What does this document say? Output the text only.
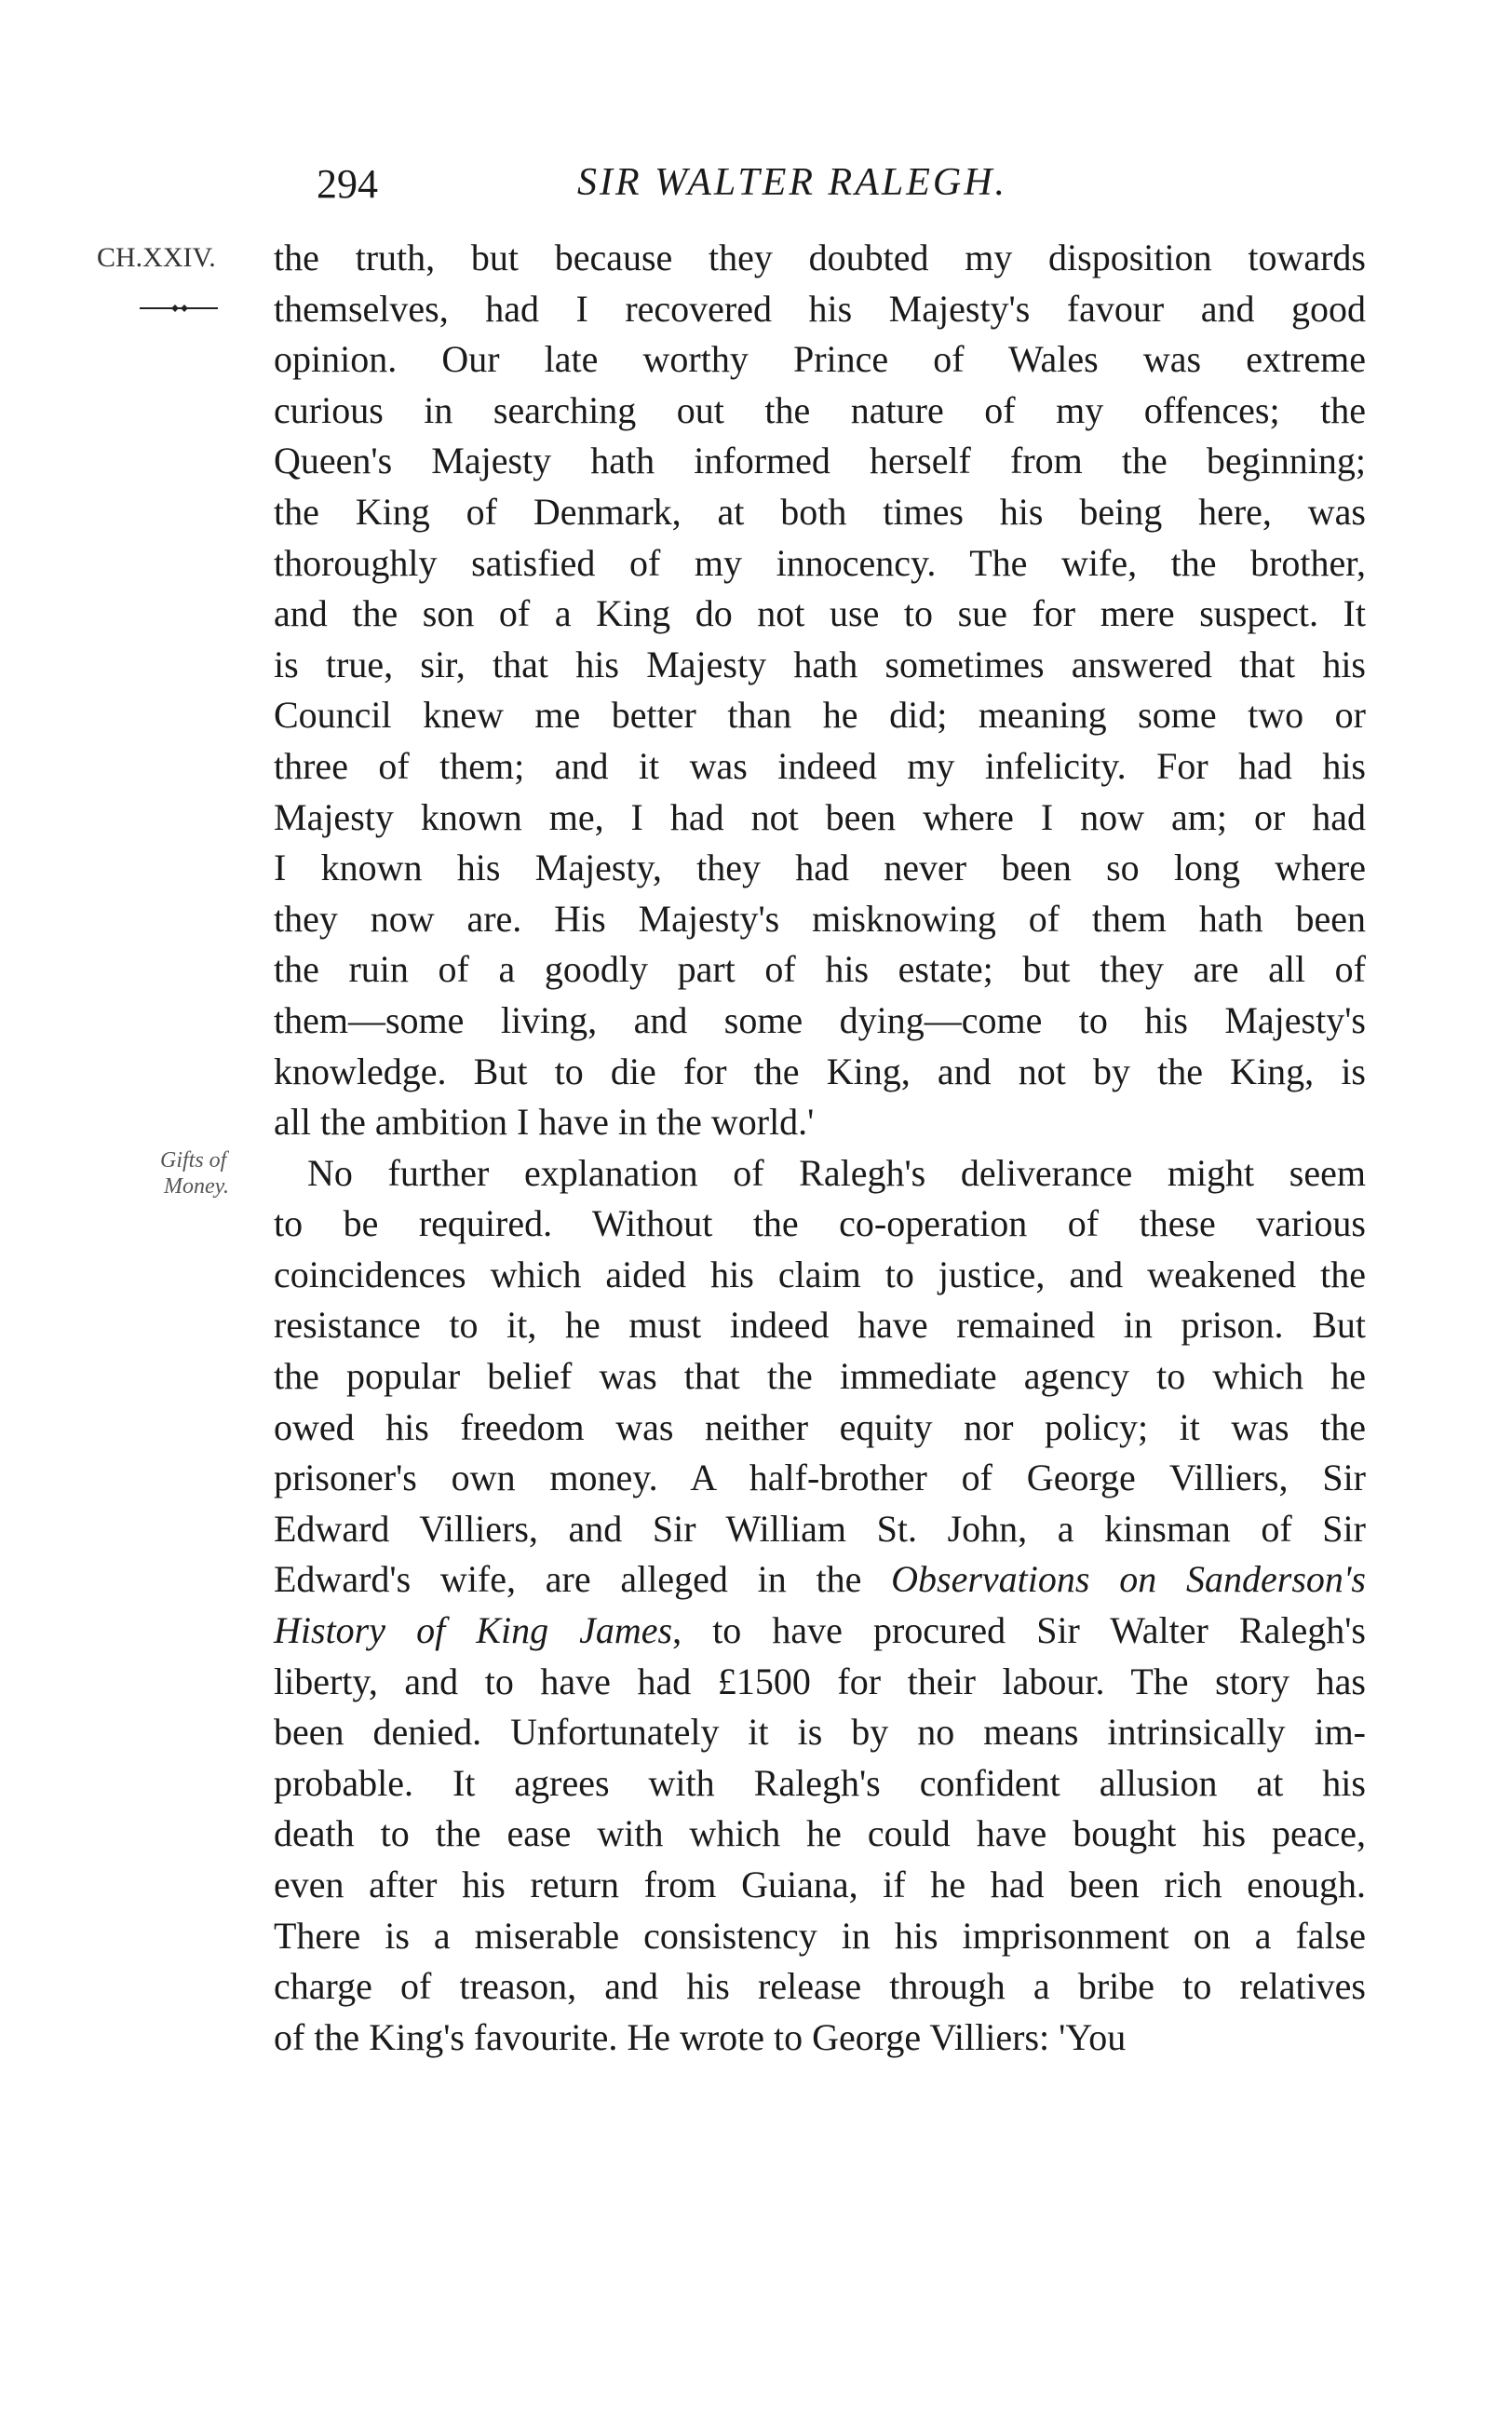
294	SIR WALTER RALEGH.
CH.XXIV.
Gifts of
Money.
the truth, but because they doubted my disposition towards
themselves, had I recovered his Majesty's favour and good
opinion. Our late worthy Prince of Wales was extreme
curious in searching out the nature of my offences; the
Queen's Majesty hath informed herself from the beginning;
the King of Denmark, at both times his being here, was
thoroughly satisfied of my innocency. The wife, the brother,
and the son of a King do not use to sue for mere suspect. It
is true, sir, that his Majesty hath sometimes answered that his
Council knew me better than he did; meaning some two or
three of them; and it was indeed my infelicity. For had his
Majesty known me, I had not been where I now am; or had
I known his Majesty, they had never been so long where
they now are. His Majesty's misknowing of them hath been
the ruin of a goodly part of his estate; but they are all of
them—some living, and some dying—come to his Majesty's
knowledge. But to die for the King, and not by the King, is
all the ambition I have in the world.'
No further explanation of Ralegh's deliverance might seem
to be required. Without the co-operation of these various
coincidences which aided his claim to justice, and weakened the
resistance to it, he must indeed have remained in prison. But
the popular belief was that the immediate agency to which he
owed his freedom was neither equity nor policy; it was the
prisoner's own money. A half-brother of George Villiers, Sir
Edward Villiers, and Sir William St. John, a kinsman of Sir
Edward's wife, are alleged in the Observations on Sanderson's
History of King James, to have procured Sir Walter Ralegh's
liberty, and to have had £1500 for their labour. The story has
been denied. Unfortunately it is by no means intrinsically im-
probable. It agrees with Ralegh's confident allusion at his
death to the ease with which he could have bought his peace,
even after his return from Guiana, if he had been rich enough.
There is a miserable consistency in his imprisonment on a false
charge of treason, and his release through a bribe to relatives
of the King's favourite. He wrote to George Villiers: 'You
